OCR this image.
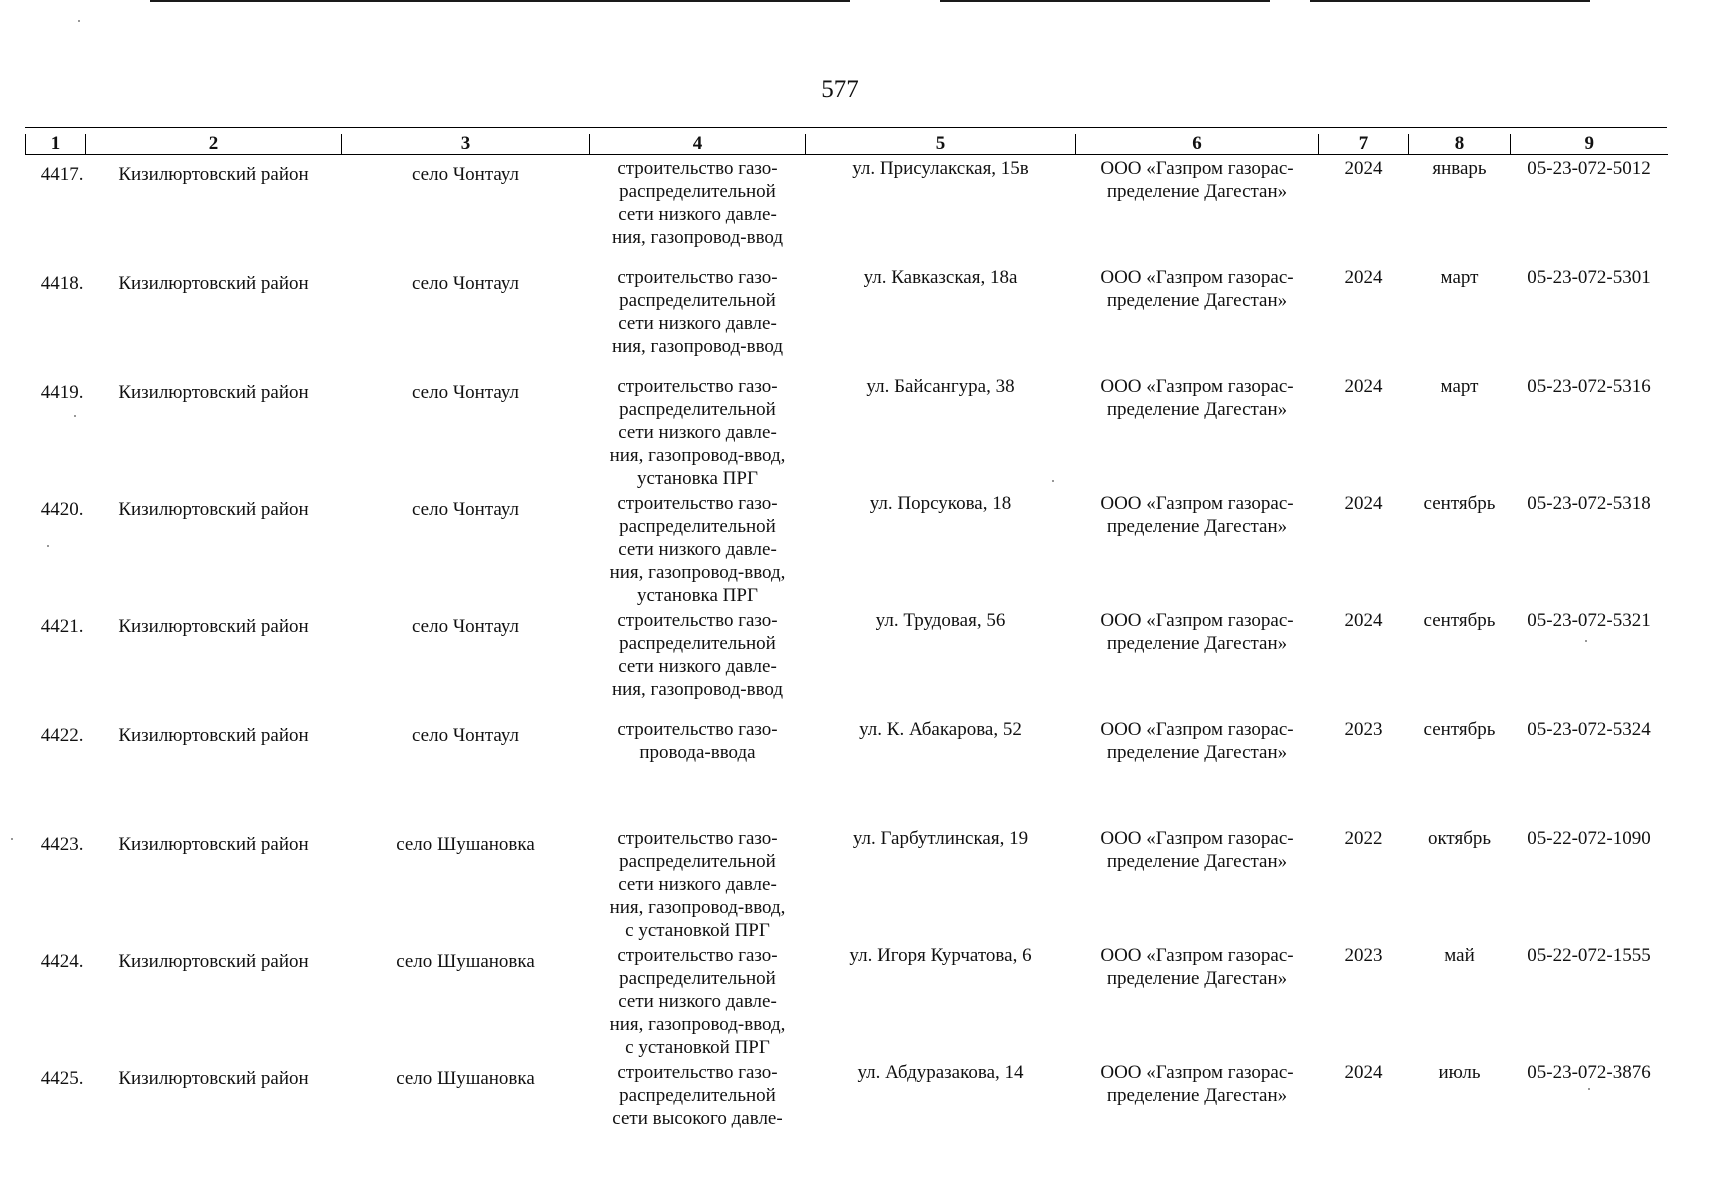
577
1	2	3	4	5	6	7	8	9
4417.	Кизилюртовский район	село Чонтаул	строительство газо-
распределительной
сети низкого давле-
ния, газопровод-ввод	ул. Присулакская, 15в	ООО «Газпром газорас-
пределение Дагестан»	2024	январь	05-23-072-5012
4418.	Кизилюртовский район	село Чонтаул	строительство газо-
распределительной
сети низкого давле-
ния, газопровод-ввод	ул. Кавказская, 18а	ООО «Газпром газорас-
пределение Дагестан»	2024	март	05-23-072-5301
4419.	Кизилюртовский район	село Чонтаул	строительство газо-
распределительной
сети низкого давле-
ния, газопровод-ввод,
установка ПРГ	ул. Байсангура, 38	ООО «Газпром газорас-
пределение Дагестан»	2024	март	05-23-072-5316
4420.	Кизилюртовский район	село Чонтаул	строительство газо-
распределительной
сети низкого давле-
ния, газопровод-ввод,
установка ПРГ	ул. Порсукова, 18	ООО «Газпром газорас-
пределение Дагестан»	2024	сентябрь	05-23-072-5318
4421.	Кизилюртовский район	село Чонтаул	строительство газо-
распределительной
сети низкого давле-
ния, газопровод-ввод	ул. Трудовая, 56	ООО «Газпром газорас-
пределение Дагестан»	2024	сентябрь	05-23-072-5321
4422.	Кизилюртовский район	село Чонтаул	строительство газо-
провода-ввода	ул. К. Абакарова, 52	ООО «Газпром газорас-
пределение Дагестан»	2023	сентябрь	05-23-072-5324
4423.	Кизилюртовский район	село Шушановка	строительство газо-
распределительной
сети низкого давле-
ния, газопровод-ввод,
с установкой ПРГ	ул. Гарбутлинская, 19	ООО «Газпром газорас-
пределение Дагестан»	2022	октябрь	05-22-072-1090
4424.	Кизилюртовский район	село Шушановка	строительство газо-
распределительной
сети низкого давле-
ния, газопровод-ввод,
с установкой ПРГ	ул. Игоря Курчатова, 6	ООО «Газпром газорас-
пределение Дагестан»	2023	май	05-22-072-1555
4425.	Кизилюртовский район	село Шушановка	строительство газо-
распределительной
сети высокого давле-	ул. Абдуразакова, 14	ООО «Газпром газорас-
пределение Дагестан»	2024	июль	05-23-072-3876
